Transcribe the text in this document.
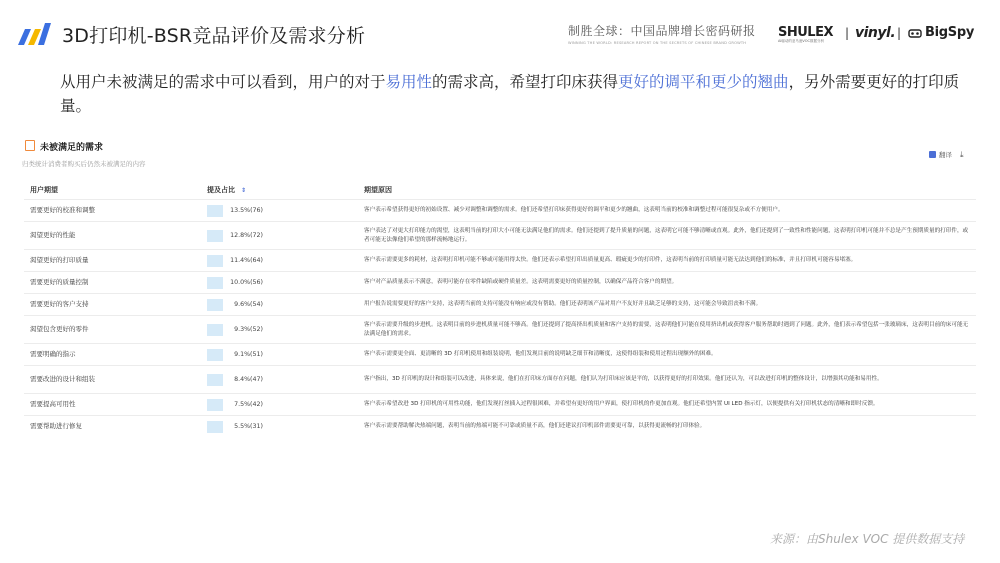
3D打印机-BSR竞品评价及需求分析	制胜全球：中国品牌增长密码研报
WINNING THE WORLD: RESEARCH REPORT ON THE SECRETS OF CHINESE BRAND GROWTH
SHULEX
AI驱动的亚马逊VOC数据分析
| vinyl. | BigSpy
从用户未被满足的需求中可以看到，用户的对于易用性的需求高，希望打印床获得更好的调平和更少的翘曲，另外需要更好的打印质量。
未被满足的需求
归类统计消费者购买后仍然未被满足的内容
翻译 ⤓
用户期望	提及占比 ⇕	期望原因
需要更好的校准和调整	13.5%(76)	客户表示希望获得更好的初始设置、减少对调整和调整的需求。他们还希望打印床获得更好的调平和更少的翘曲，这表明当前的校准和调整过程可能很复杂或不方便用户。
渴望更好的性能	12.8%(72)	客户表达了对更大打印能力的渴望，这表明当前的打印大小可能无法满足他们的需求。他们还提到了提升质量的问题，这表明它可能不够清晰或直观。此外，他们还提到了一致性和性能问题，这表明打印机可能并不总是产生预期质量的打印件，或者可能无法像他们希望的那样流畅地运行。
渴望更好的打印质量	11.4%(64)	客户表示需要更多的耗材，这表明打印机可能不够或可能用得太快。他们还表示希望打印出质量更高、瑕疵更少的打印件，这表明当前的打印质量可能无法达到他们的标准，并且打印机可能容易堵塞。
需要更好的质量控制	10.0%(56)	客户对产品质量表示不满意，表明可能存在零件缺陷或硬件质量差。这表明需要更好的质量控制，以确保产品符合客户的期望。
需要更好的客户支持	9.6%(54)	用户报告说需要更好的客户支持，这表明当前的支持可能没有响应或没有帮助。他们还表明该产品对用户不友好并且缺乏足够的支持，这可能会导致沮丧和不满。
渴望包含更好的零件	9.3%(52)	客户表示需要升级的步进机。这表明目前的步进机质量可能不够高。他们还提到了提高挤出机质量和客户支持的需要，这表明他们可能在使用挤出机或获得客户服务帮助时遇到了问题。此外，他们表示希望包括一张玻璃床，这表明目前的床可能无法满足他们的需求。
需要明确的指示	9.1%(51)	客户表示需要更全面、更清晰的 3D 打印机使用和组装说明，他们发现目前的说明缺乏细节和清晰度，这使得组装和使用过程出现额外的困难。
需要改进的设计和组装	8.4%(47)	客户指出，3D 打印机的设计和组装可以改进，具体来说，他们在打印床方面存在问题，他们认为打印床应该是平的，以获得更好的打印效果。他们还认为，可以改进打印机的整体设计，以增强其功能和易用性。
需要提高可用性	7.5%(42)	客户表示希望改进 3D 打印机的可用性功能，他们发现打丝插入过程很困难，并希望有更好的用户界面，使打印机的作更加直观。他们还希望内置 UI LED 指示灯，以便提供有关打印机状态的清晰和即时反馈。
需要帮助进行修复	5.5%(31)	客户表示需要帮助解决热端问题，表明当前的热端可能不可靠或质量不高，他们还建议打印机部件需要更可靠，以获得更流畅的打印体验。
来源：由Shulex VOC 提供数据支持
